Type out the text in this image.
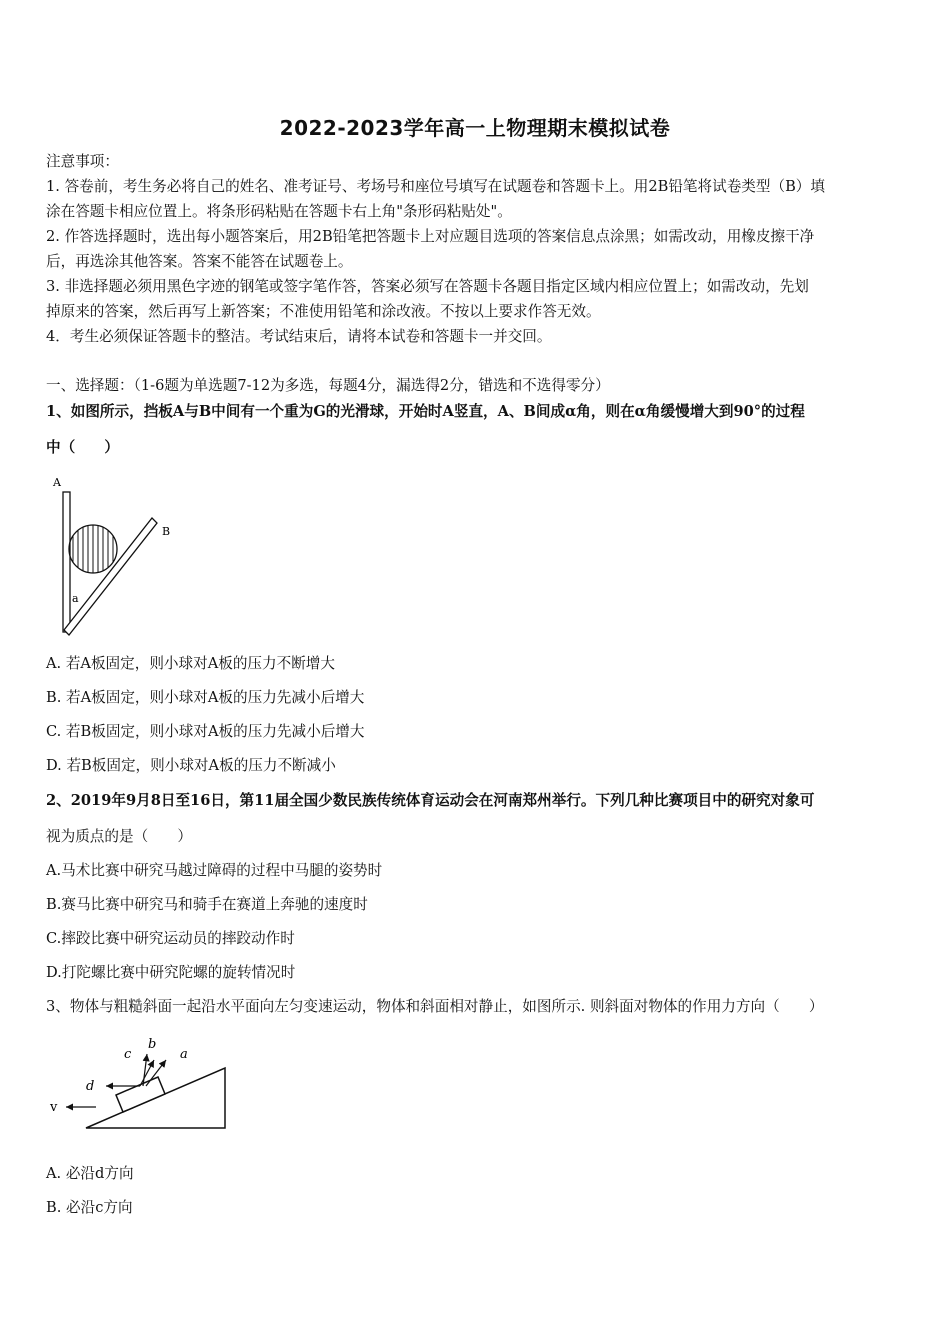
2022-2023学年高一上物理期末模拟试卷
注意事项：
1. 答卷前，考生务必将自己的姓名、准考证号、考场号和座位号填写在试题卷和答题卡上。用2B铅笔将试卷类型（B）填
涂在答题卡相应位置上。将条形码粘贴在答题卡右上角"条形码粘贴处"。
2. 作答选择题时，选出每小题答案后，用2B铅笔把答题卡上对应题目选项的答案信息点涂黑；如需改动，用橡皮擦干净
后，再选涂其他答案。答案不能答在试题卷上。
3. 非选择题必须用黑色字迹的钢笔或签字笔作答，答案必须写在答题卡各题目指定区域内相应位置上；如需改动，先划
掉原来的答案，然后再写上新答案；不准使用铅笔和涂改液。不按以上要求作答无效。
4．考生必须保证答题卡的整洁。考试结束后，请将本试卷和答题卡一并交回。
一、选择题：（1-6题为单选题7-12为多选，每题4分，漏选得2分，错选和不选得零分）
1、如图所示，挡板A与B中间有一个重为G的光滑球，开始时A竖直，A、B间成α角，则在α角缓慢增大到90°的过程
中（　　）
A
B
a
A. 若A板固定，则小球对A板的压力不断增大
B. 若A板固定，则小球对A板的压力先减小后增大
C. 若B板固定，则小球对A板的压力先减小后增大
D. 若B板固定，则小球对A板的压力不断减小
2、2019年9月8日至16日，第11届全国少数民族传统体育运动会在河南郑州举行。下列几种比赛项目中的研究对象可
视为质点的是（　　）
A.马术比赛中研究马越过障碍的过程中马腿的姿势时
B.赛马比赛中研究马和骑手在赛道上奔驰的速度时
C.摔跤比赛中研究运动员的摔跤动作时
D.打陀螺比赛中研究陀螺的旋转情况时
3、物体与粗糙斜面一起沿水平面向左匀变速运动，物体和斜面相对静止，如图所示. 则斜面对物体的作用力方向（　　）
c
b
a
d
v
A. 必沿d方向
B. 必沿c方向
